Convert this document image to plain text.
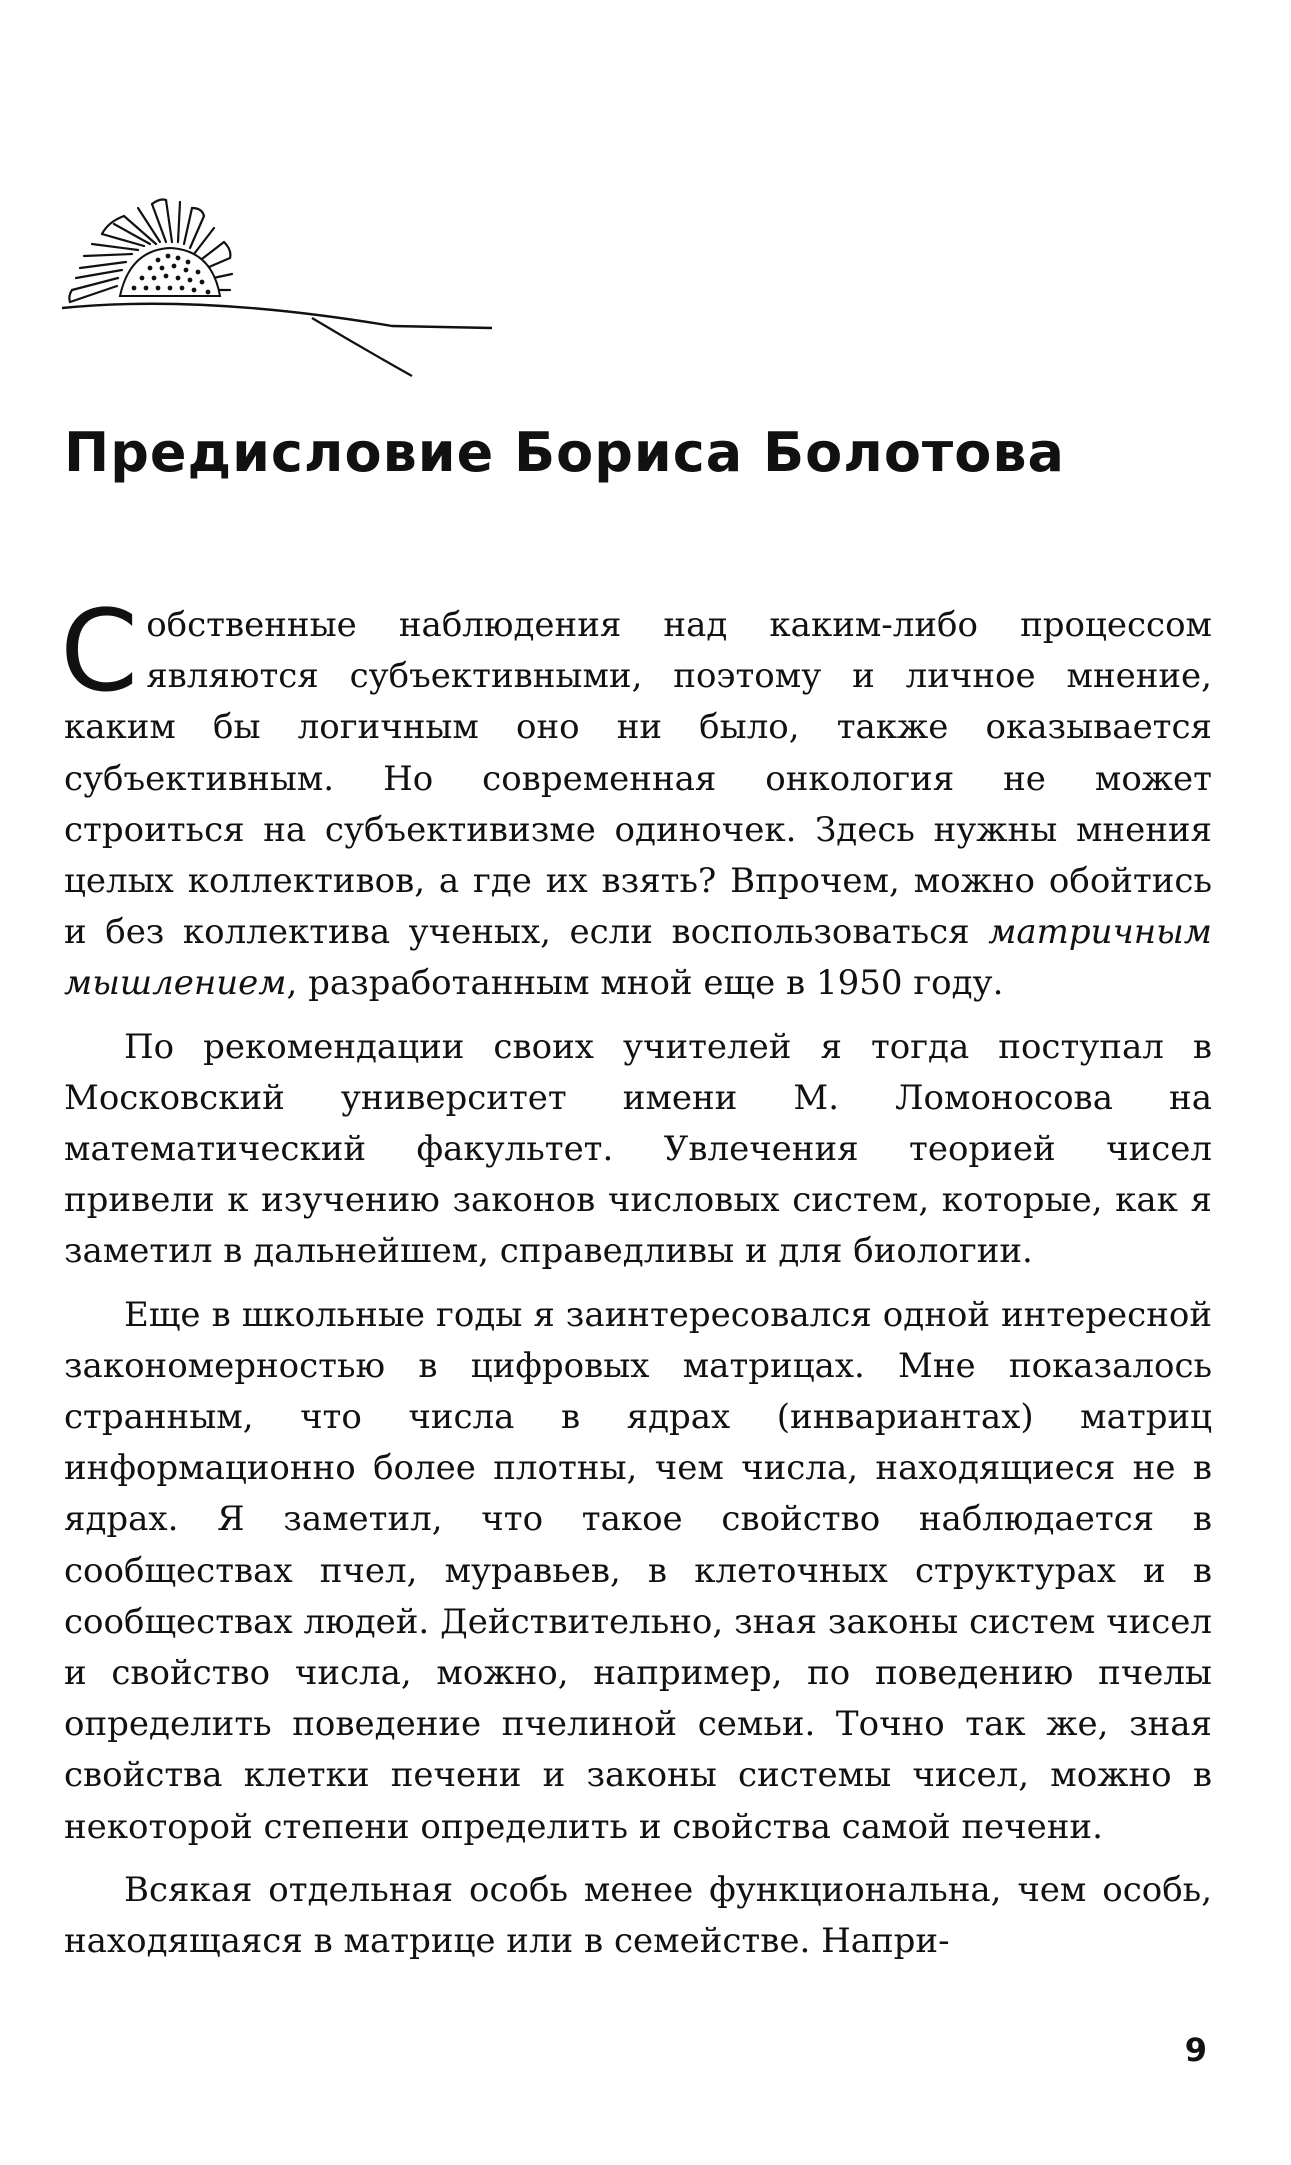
Предисловие Бориса Болотова

Собственные наблюдения над каким-либо процессом являются субъективными, поэтому и личное мнение, каким бы логичным оно ни было, также оказывается субъективным. Но современная онкология не может строиться на субъективизме одиночек. Здесь нужны мнения целых коллективов, а где их взять? Впрочем, можно обойтись и без коллектива ученых, если воспользоваться матричным мышлением, разработанным мной еще в 1950 году.

По рекомендации своих учителей я тогда поступал в Московский университет имени М. Ломоносова на математический факультет. Увлечения теорией чисел привели к изучению законов числовых систем, которые, как я заметил в дальнейшем, справедливы и для биологии.

Еще в школьные годы я заинтересовался одной интересной закономерностью в цифровых матрицах. Мне показалось странным, что числа в ядрах (инвариантах) матриц информационно более плотны, чем числа, находящиеся не в ядрах. Я заметил, что такое свойство наблюдается в сообществах пчел, муравьев, в клеточных структурах и в сообществах людей. Действительно, зная законы систем чисел и свойство числа, можно, например, по поведению пчелы определить поведение пчелиной семьи. Точно так же, зная свойства клетки печени и законы системы чисел, можно в некоторой степени определить и свойства самой печени.

Всякая отдельная особь менее функциональна, чем особь, находящаяся в матрице или в семействе. Напри-

9
